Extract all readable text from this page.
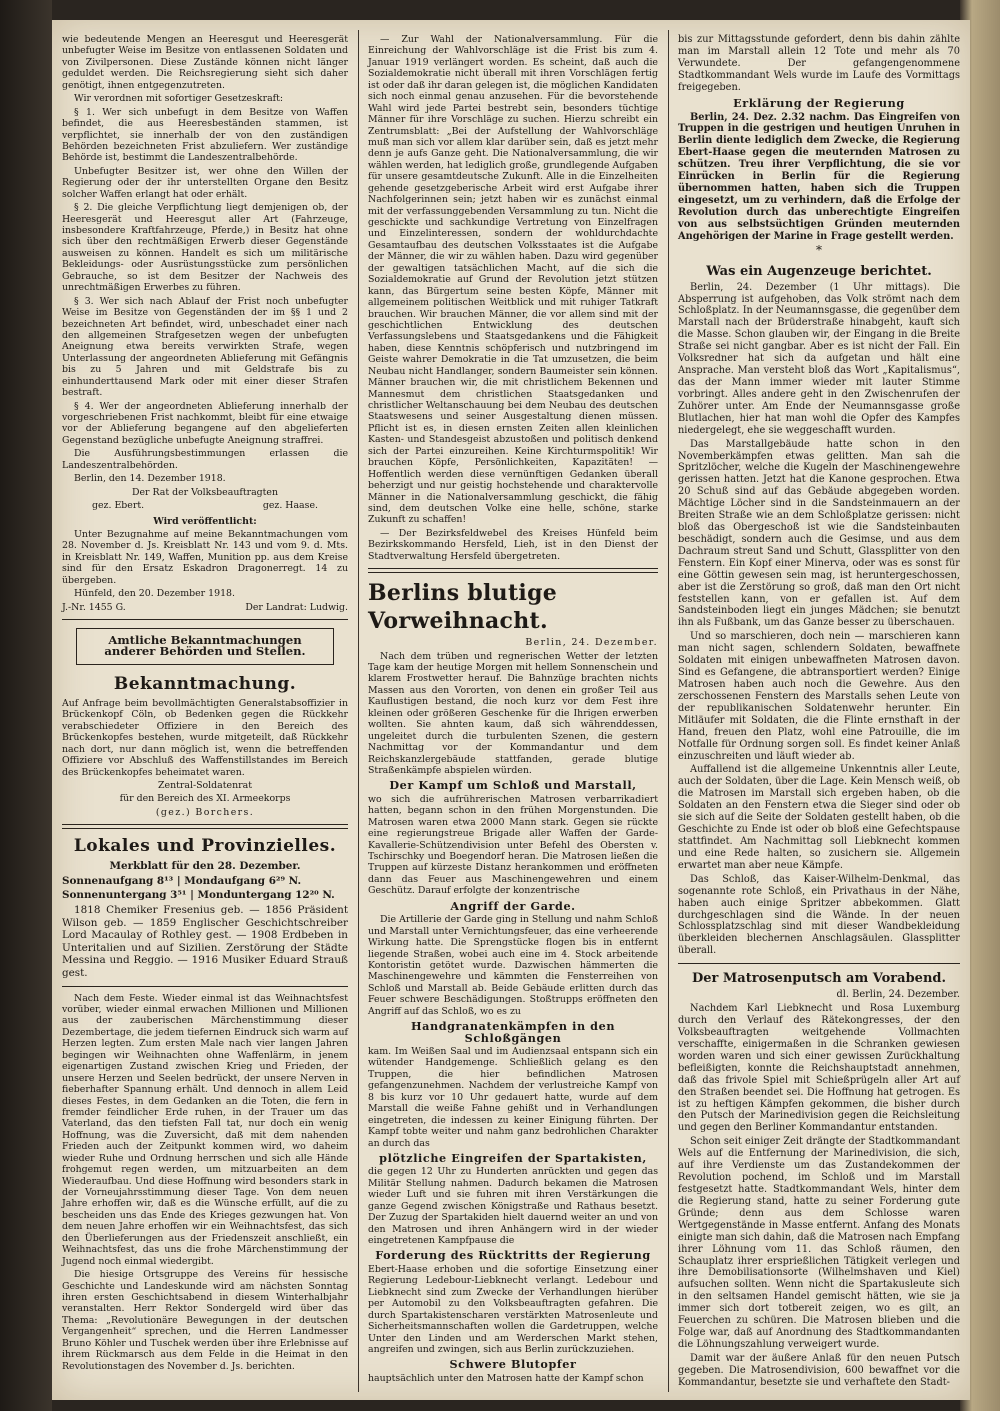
wie bedeutende Mengen an Heeresgut und Heeresgerät unbefugter Weise im Besitze von entlassenen Soldaten und von Zivilpersonen. Diese Zustände können nicht länger geduldet werden. Die Reichsregierung sieht sich daher genötigt, ihnen entgegenzutreten.

Wir verordnen mit sofortiger Gesetzeskraft:

§ 1. Wer sich unbefugt in dem Besitze von Waffen befindet, die aus Heeresbeständen stammen, ist verpflichtet, sie innerhalb der von den zuständigen Behörden bezeichneten Frist abzuliefern. Wer zuständige Behörde ist, bestimmt die Landeszentralbehörde.

Unbefugter Besitzer ist, wer ohne den Willen der Regierung oder der ihr unterstellten Organe den Besitz solcher Waffen erlangt hat oder erhält.

§ 2. Die gleiche Verpflichtung liegt demjenigen ob, der Heeresgerät und Heeresgut aller Art (Fahrzeuge, insbesondere Kraftfahrzeuge, Pferde,) in Besitz hat ohne sich über den rechtmäßigen Erwerb dieser Gegenstände ausweisen zu können. Handelt es sich um militärische Bekleidungs- oder Ausrüstungsstücke zum persönlichen Gebrauche, so ist dem Besitzer der Nachweis des unrechtmäßigen Erwerbes zu führen.

§ 3. Wer sich nach Ablauf der Frist noch unbefugter Weise im Besitze von Gegenständen der im §§ 1 und 2 bezeichneten Art befindet, wird, unbeschadet einer nach den allgemeinen Strafgesetzen wegen der unbefugten Aneignung etwa bereits verwirkten Strafe, wegen Unterlassung der angeordneten Ablieferung mit Gefängnis bis zu 5 Jahren und mit Geldstrafe bis zu einhunderttausend Mark oder mit einer dieser Strafen bestraft.

§ 4. Wer der angeordneten Ablieferung innerhalb der vorgeschriebenen Frist nachkommt, bleibt für eine etwaige vor der Ablieferung begangene auf den abgelieferten Gegenstand bezügliche unbefugte Aneignung straffrei.

Die Ausführungsbestimmungen erlassen die Landeszentralbehörden.

Berlin, den 14. Dezember 1918.

Der Rat der Volksbeauftragten

gez. Ebert.	gez. Haase.

Wird veröffentlicht:

Unter Bezugnahme auf meine Bekanntmachungen vom 28. November d. Js. Kreisblatt Nr. 143 und vom 9. d. Mts. in Kreisblatt Nr. 149, Waffen, Munition pp. aus dem Kreise sind für den Ersatz Eskadron Dragonerregt. 14 zu übergeben.

Hünfeld, den 20. Dezember 1918.

J.-Nr. 1455 G.	Der Landrat: Ludwig.
Amtliche Bekanntmachungen anderer Behörden und Stellen.
Bekanntmachung.

Auf Anfrage beim bevollmächtigten Generalstabsoffizier in Brückenkopf Cöln, ob Bedenken gegen die Rückkehr verabschiedeter Offiziere in den Bereich des Brückenkopfes bestehen, wurde mitgeteilt, daß Rückkehr nach dort, nur dann möglich ist, wenn die betreffenden Offiziere vor Abschluß des Waffenstillstandes im Bereich des Brückenkopfes beheimatet waren.

Zentral-Soldatenrat

für den Bereich des XI. Armeekorps

(gez.) Borchers.

Lokales und Provinzielles.

Merkblatt für den 28. Dezember.

Sonnenaufgang 8¹³ | Mondaufgang 6²⁹ N.

Sonnenuntergang 3⁵¹ | Monduntergang 12²⁰ N.

1818 Chemiker Fresenius geb. — 1856 Präsident Wilson geb. — 1859 Englischer Geschichtschreiber Lord Macaulay of Rothley gest. — 1908 Erdbeben in Unteritalien und auf Sizilien. Zerstörung der Städte Messina und Reggio. — 1916 Musiker Eduard Strauß gest.

Nach dem Feste. Wieder einmal ist das Weihnachtsfest vorüber, wieder einmal erwachen Millionen und Millionen aus der zauberischen Märchenstimmung dieser Dezembertage, die jedem tiefernen Eindruck sich warm auf Herzen legten. Zum ersten Male nach vier langen Jahren begingen wir Weihnachten ohne Waffenlärm, in jenem eigenartigen Zustand zwischen Krieg und Frieden, der unsere Herzen und Seelen bedrückt, der unsere Nerven in fieberhafter Spannung erhält. Und dennoch in allem Leid dieses Festes, in dem Gedanken an die Toten, die fern in fremder feindlicher Erde ruhen, in der Trauer um das Vaterland, das den tiefsten Fall tat, nur doch ein wenig Hoffnung, was die Zuversicht, daß mit dem nahenden Frieden auch der Zeitpunkt kommen wird, wo daheim wieder Ruhe und Ordnung herrschen und sich alle Hände frohgemut regen werden, um mitzuarbeiten an dem Wiederaufbau. Und diese Hoffnung wird besonders stark in der Vorneujahrsstimmung dieser Tage. Von dem neuen Jahre erhoffen wir, daß es die Wünsche erfüllt, auf die zu bescheiden uns das Ende des Krieges gezwungen hat. Von dem neuen Jahre erhoffen wir ein Weihnachtsfest, das sich den Überlieferungen aus der Friedenszeit anschließt, ein Weihnachtsfest, das uns die frohe Märchenstimmung der Jugend noch einmal wiedergibt.

Die hiesige Ortsgruppe des Vereins für hessische Geschichte und Landeskunde wird am nächsten Sonntag ihren ersten Geschichtsabend in diesem Winterhalbjahr veranstalten. Herr Rektor Sondergeld wird über das Thema: „Revolutionäre Bewegungen in der deutschen Vergangenheit“ sprechen, und die Herren Landmesser Bruno Köhler und Tuschek werden über ihre Erlebnisse auf ihrem Rückmarsch aus dem Felde in die Heimat in den Revolutionstagen des November d. Js. berichten.

— Zur Wahl der Nationalversammlung. Für die Einreichung der Wahlvorschläge ist die Frist bis zum 4. Januar 1919 verlängert worden. Es scheint, daß auch die Sozialdemokratie nicht überall mit ihren Vorschlägen fertig ist oder daß ihr daran gelegen ist, die möglichen Kandidaten sich noch einmal genau anzusehen. Für die bevorstehende Wahl wird jede Partei bestrebt sein, besonders tüchtige Männer für ihre Vorschläge zu suchen. Hierzu schreibt ein Zentrumsblatt: „Bei der Aufstellung der Wahlvorschläge muß man sich vor allem klar darüber sein, daß es jetzt mehr denn je aufs Ganze geht. Die Nationalversammlung, die wir wählen werden, hat lediglich große, grundlegende Aufgaben für unsere gesamtdeutsche Zukunft. Alle in die Einzelheiten gehende gesetzgeberische Arbeit wird erst Aufgabe ihrer Nachfolgerinnen sein; jetzt haben wir es zunächst einmal mit der verfassunggebenden Versammlung zu tun. Nicht die geschickte und sachkundige Vertretung von Einzelfragen und Einzelinteressen, sondern der wohldurchdachte Gesamtaufbau des deutschen Volksstaates ist die Aufgabe der Männer, die wir zu wählen haben. Dazu wird gegenüber der gewaltigen tatsächlichen Macht, auf die sich die Sozialdemokratie auf Grund der Revolution jetzt stützen kann, das Bürgertum seine besten Köpfe, Männer mit allgemeinem politischen Weitblick und mit ruhiger Tatkraft brauchen. Wir brauchen Männer, die vor allem sind mit der geschichtlichen Entwicklung des deutschen Verfassungslebens und Staatsgedankens und die Fähigkeit haben, diese Kenntnis schöpferisch und nutzbringend im Geiste wahrer Demokratie in die Tat umzusetzen, die beim Neubau nicht Handlanger, sondern Baumeister sein können. Männer brauchen wir, die mit christlichem Bekennen und Mannesmut dem christlichen Staatsgedanken und christlicher Weltanschauung bei dem Neubau des deutschen Staatswesens und seiner Ausgestaltung dienen müssen. Pflicht ist es, in diesen ernsten Zeiten allen kleinlichen Kasten- und Standesgeist abzustoßen und politisch denkend sich der Partei einzureihen. Keine Kirchturmspolitik! Wir brauchen Köpfe, Persönlichkeiten, Kapazitäten! — Hoffentlich werden diese vernünftigen Gedanken überall beherzigt und nur geistig hochstehende und charaktervolle Männer in die Nationalversammlung geschickt, die fähig sind, dem deutschen Volke eine helle, schöne, starke Zukunft zu schaffen!

— Der Bezirksfeldwebel des Kreises Hünfeld beim Bezirkskommando Hersfeld, Lieh, ist in den Dienst der Stadtverwaltung Hersfeld übergetreten.

Berlins blutige Vorweihnacht.

Berlin, 24. Dezember.

Nach dem trüben und regnerischen Wetter der letzten Tage kam der heutige Morgen mit hellem Sonnenschein und klarem Frostwetter herauf. Die Bahnzüge brachten nichts Massen aus den Vororten, von denen ein großer Teil aus Kauflustigen bestand, die noch kurz vor dem Fest ihre kleinen oder größeren Geschenke für die Ihrigen erwerben wollten. Sie ahnten kaum, daß sich währenddessen, ungeleitet durch die turbulenten Szenen, die gestern Nachmittag vor der Kommandantur und dem Reichskanzlergebäude stattfanden, gerade blutige Straßenkämpfe abspielen würden.

Der Kampf um Schloß und Marstall,

wo sich die aufrührerischen Matrosen verbarrikadiert hatten, begann schon in den frühen Morgenstunden. Die Matrosen waren etwa 2000 Mann stark. Gegen sie rückte eine regierungstreue Brigade aller Waffen der Garde-Kavallerie-Schützendivision unter Befehl des Obersten v. Tschirschky und Boegendorf heran. Die Matrosen ließen die Truppen auf kürzeste Distanz herankommen und eröffneten dann das Feuer aus Maschinengewehren und einem Geschütz. Darauf erfolgte der konzentrische

Angriff der Garde.

Die Artillerie der Garde ging in Stellung und nahm Schloß und Marstall unter Vernichtungsfeuer, das eine verheerende Wirkung hatte. Die Sprengstücke flogen bis in entfernt liegende Straßen, wobei auch eine im 4. Stock arbeitende Kontoristin getötet wurde. Dazwischen hämmerten die Maschinengewehre und kämmten die Fensterreihen von Schloß und Marstall ab. Beide Gebäude erlitten durch das Feuer schwere Beschädigungen. Stoßtrupps eröffneten den Angriff auf das Schloß, wo es zu

Handgranatenkämpfen in den Schloßgängen

kam. Im Weißen Saal und im Audienzsaal entspann sich ein wütender Handgemenge. Schließlich gelang es den Truppen, die hier befindlichen Matrosen gefangenzunehmen. Nachdem der verlustreiche Kampf von 8 bis kurz vor 10 Uhr gedauert hatte, wurde auf dem Marstall die weiße Fahne gehißt und in Verhandlungen eingetreten, die indessen zu keiner Einigung führten. Der Kampf tobte weiter und nahm ganz bedrohlichen Charakter an durch das

plötzliche Eingreifen der Spartakisten,

die gegen 12 Uhr zu Hunderten anrückten und gegen das Militär Stellung nahmen. Dadurch bekamen die Matrosen wieder Luft und sie fuhren mit ihren Verstärkungen die ganze Gegend zwischen Königstraße und Rathaus besetzt. Der Zuzug der Spartakiden hielt dauernd weiter an und von den Matrosen und ihren Anhängern wird in der wieder eingetretenen Kampfpause die

Forderung des Rücktritts der Regierung

Ebert-Haase erhoben und die sofortige Einsetzung einer Regierung Ledebour-Liebknecht verlangt. Ledebour und Liebknecht sind zum Zwecke der Verhandlungen hierüber per Automobil zu den Volksbeauftragten gefahren. Die durch Spartakistenscharen verstärkten Matrosenleute und Sicherheitsmannschaften wollen die Gardetruppen, welche Unter den Linden und am Werderschen Markt stehen, angreifen und zwingen, sich aus Berlin zurückzuziehen.

Schwere Blutopfer

hauptsächlich unter den Matrosen hatte der Kampf schon

bis zur Mittagsstunde gefordert, denn bis dahin zählte man im Marstall allein 12 Tote und mehr als 70 Verwundete. Der gefangengenommene Stadtkommandant Wels wurde im Laufe des Vormittags freigegeben.

Erklärung der Regierung

Berlin, 24. Dez. 2.32 nachm. Das Eingreifen von Truppen in die gestrigen und heutigen Unruhen in Berlin diente lediglich dem Zwecke, die Regierung Ebert-Haase gegen die meuternden Matrosen zu schützen. Treu ihrer Verpflichtung, die sie vor Einrücken in Berlin für die Regierung übernommen hatten, haben sich die Truppen eingesetzt, um zu verhindern, daß die Erfolge der Revolution durch das unberechtigte Eingreifen von aus selbstsüchtigen Gründen meuternden Angehörigen der Marine in Frage gestellt werden.

*
Was ein Augenzeuge berichtet.

Berlin, 24. Dezember (1 Uhr mittags). Die Absperrung ist aufgehoben, das Volk strömt nach dem Schloßplatz. In der Neumannsgasse, die gegenüber dem Marstall nach der Brüderstraße hinabgeht, kauft sich die Masse. Schon glauben wir, der Eingang in die Breite Straße sei nicht gangbar. Aber es ist nicht der Fall. Ein Volksredner hat sich da aufgetan und hält eine Ansprache. Man versteht bloß das Wort „Kapitalismus“, das der Mann immer wieder mit lauter Stimme vorbringt. Alles andere geht in den Zwischenrufen der Zuhörer unter. Am Ende der Neumannsgasse große Blutlachen, hier hat man wohl die Opfer des Kampfes niedergelegt, ehe sie weggeschafft wurden.

Das Marstallgebäude hatte schon in den Novemberkämpfen etwas gelitten. Man sah die Spritzlöcher, welche die Kugeln der Maschinengewehre gerissen hatten. Jetzt hat die Kanone gesprochen. Etwa 20 Schuß sind auf das Gebäude abgegeben worden. Mächtige Löcher sind in die Sandsteinmauern an der Breiten Straße wie an dem Schloßplatze gerissen: nicht bloß das Obergeschoß ist wie die Sandsteinbauten beschädigt, sondern auch die Gesimse, und aus dem Dachraum streut Sand und Schutt, Glassplitter von den Fenstern. Ein Kopf einer Minerva, oder was es sonst für eine Göttin gewesen sein mag, ist heruntergeschossen, aber ist die Zerstörung so groß, daß man den Ort nicht feststellen kann, von er gefallen ist. Auf dem Sandsteinboden liegt ein junges Mädchen; sie benutzt ihn als Fußbank, um das Ganze besser zu überschauen.

Und so marschieren, doch nein — marschieren kann man nicht sagen, schlendern Soldaten, bewaffnete Soldaten mit einigen unbewaffneten Matrosen davon. Sind es Gefangene, die abtransportiert werden? Einige Matrosen haben auch noch die Gewehre. Aus den zerschossenen Fenstern des Marstalls sehen Leute von der republikanischen Soldatenwehr herunter. Ein Mitläufer mit Soldaten, die die Flinte ernsthaft in der Hand, freuen den Platz, wohl eine Patrouille, die im Notfalle für Ordnung sorgen soll. Es findet keiner Anlaß einzuschreiten und läuft wieder ab.

Auffallend ist die allgemeine Unkenntnis aller Leute, auch der Soldaten, über die Lage. Kein Mensch weiß, ob die Matrosen im Marstall sich ergeben haben, ob die Soldaten an den Fenstern etwa die Sieger sind oder ob sie sich auf die Seite der Soldaten gestellt haben, ob die Geschichte zu Ende ist oder ob bloß eine Gefechtspause stattfindet. Am Nachmittag soll Liebknecht kommen und eine Rede halten, so zusichern sie. Allgemein erwartet man aber neue Kämpfe.

Das Schloß, das Kaiser-Wilhelm-Denkmal, das sogenannte rote Schloß, ein Privathaus in der Nähe, haben auch einige Spritzer abbekommen. Glatt durchgeschlagen sind die Wände. In der neuen Schlossplatzschlag sind mit dieser Wandbekleidung überkleiden blechernen Anschlagsäulen. Glassplitter überall.

Der Matrosenputsch am Vorabend.

dl. Berlin, 24. Dezember.

Nachdem Karl Liebknecht und Rosa Luxemburg durch den Verlauf des Rätekongresses, der den Volksbeauftragten weitgehende Vollmachten verschaffte, einigermaßen in die Schranken gewiesen worden waren und sich einer gewissen Zurückhaltung befleißigten, konnte die Reichshauptstadt annehmen, daß das frivole Spiel mit Schießprügeln aller Art auf den Straßen beendet sei. Die Hoffnung hat getrogen. Es ist zu heftigen Kämpfen gekommen, die bisher durch den Putsch der Marinedivision gegen die Reichsleitung und gegen den Berliner Kommandantur entstanden.

Schon seit einiger Zeit drängte der Stadtkommandant Wels auf die Entfernung der Marinedivision, die sich, auf ihre Verdienste um das Zustandekommen der Revolution pochend, im Schloß und im Marstall festgesetzt hatte. Stadtkommandant Wels, hinter dem die Regierung stand, hatte zu seiner Forderung gute Gründe; denn aus dem Schlosse waren Wertgegenstände in Masse entfernt. Anfang des Monats einigte man sich dahin, daß die Matrosen nach Empfang ihrer Löhnung vom 11. das Schloß räumen, den Schauplatz ihrer ersprießlichen Tätigkeit verlegen und ihre Demobilisationsorte (Wilhelmshaven und Kiel) aufsuchen sollten. Wenn nicht die Spartakusleute sich in den seltsamen Handel gemischt hätten, wie sie ja immer sich dort totbereit zeigen, wo es gilt, an Feuerchen zu schüren. Die Matrosen blieben und die Folge war, daß auf Anordnung des Stadtkommandanten die Löhnungszahlung verweigert wurde.

Damit war der äußere Anlaß für den neuen Putsch gegeben. Die Matrosendivision, 600 bewaffnet vor die Kommandantur, besetzte sie und verhaftete den Stadt-
